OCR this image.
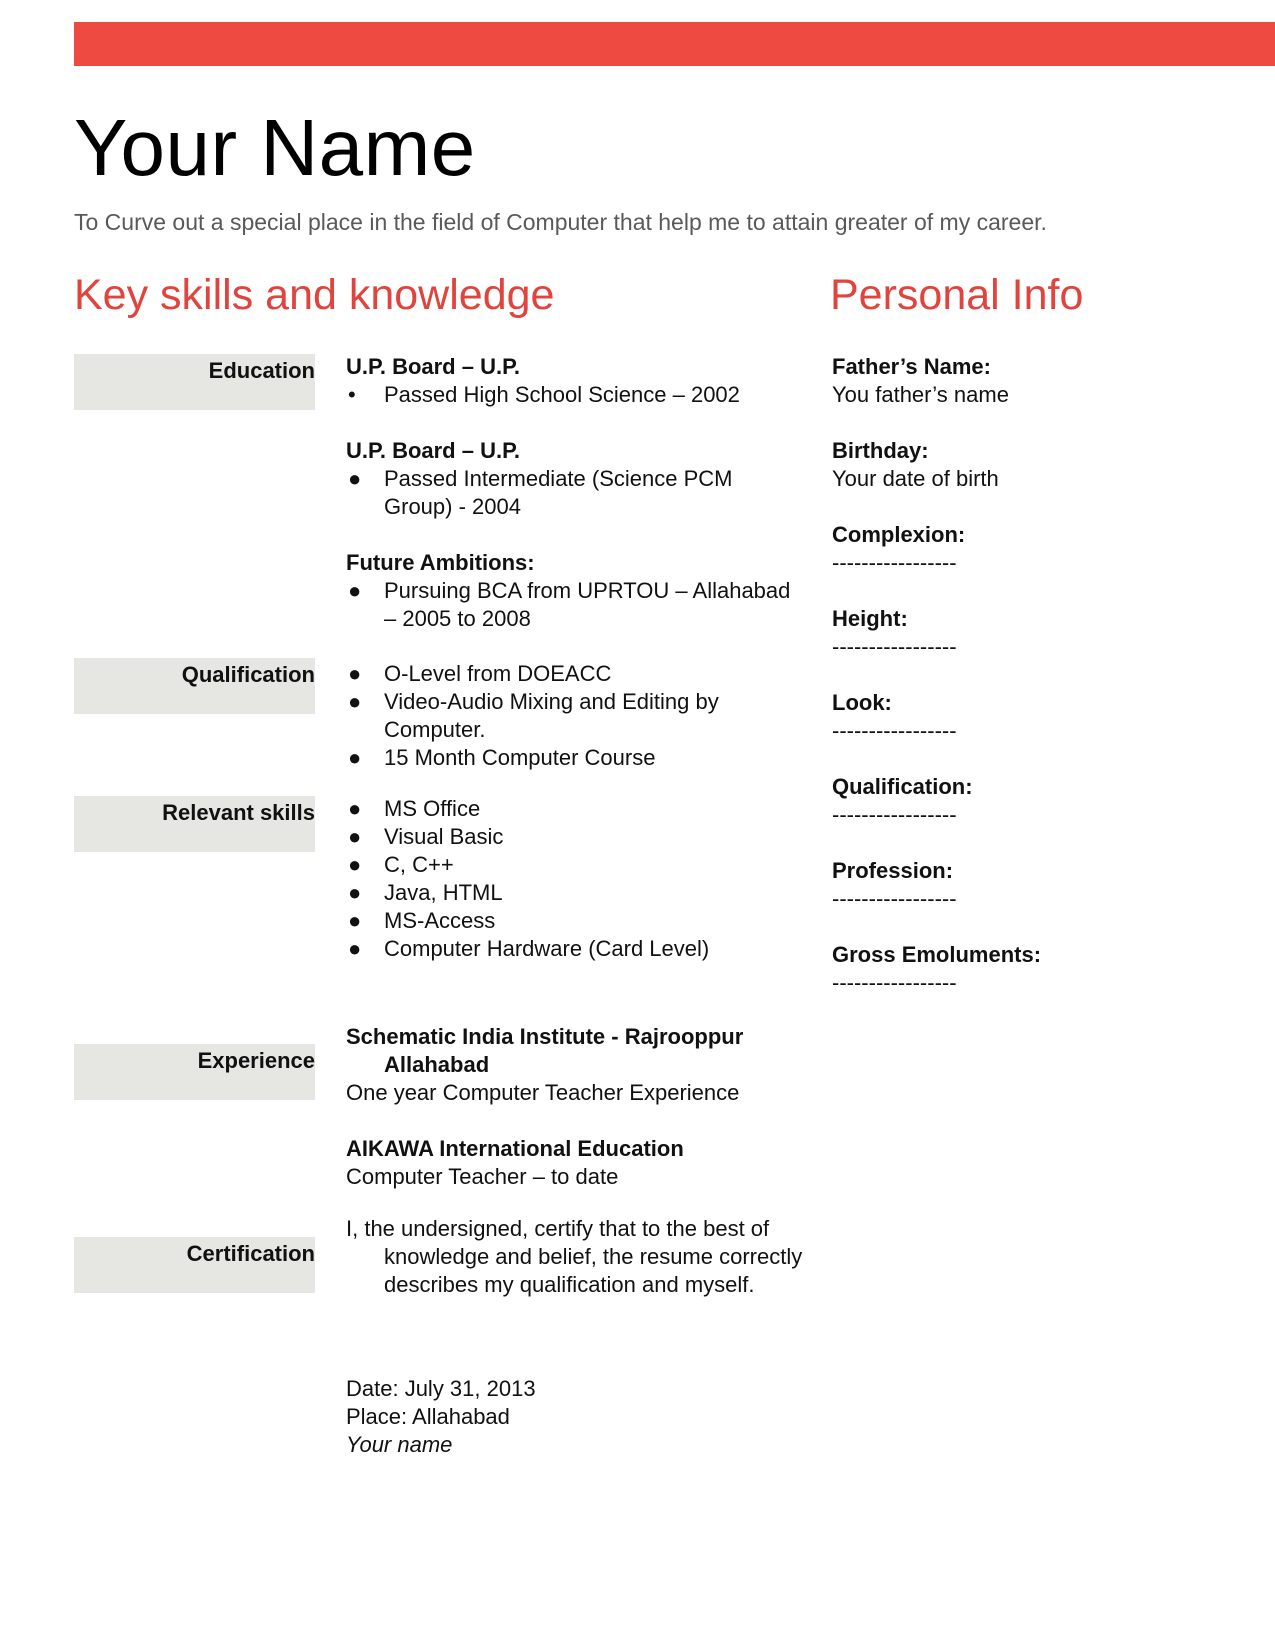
Your Name

To Curve out a special place in the field of Computer that help me to attain greater of my career.

Key skills and knowledge	Personal Info
Education
Qualification
Relevant skills
Experience
Certification

U.P. Board – U.P.

• Passed High School Science – 2002

U.P. Board – U.P.

● Passed Intermediate (Science PCM Group) - 2004

Future Ambitions:

● Pursuing BCA from UPRTOU – Allahabad – 2005 to 2008
● O-Level from DOEACC
● Video-Audio Mixing and Editing by Computer.
● 15 Month Computer Course
● MS Office
● Visual Basic
● C, C++
● Java, HTML
● MS-Access
● Computer Hardware (Card Level)

Schematic India Institute - Rajrooppur Allahabad

One year Computer Teacher Experience

AIKAWA International Education

Computer Teacher – to date

I, the undersigned, certify that to the best of knowledge and belief, the resume correctly describes my qualification and myself.

Date: July 31, 2013

Place: Allahabad

Your name

Father’s Name:

You father’s name

Birthday:

Your date of birth

Complexion:

-----------------

Height:

-----------------

Look:

-----------------

Qualification:

-----------------

Profession:

-----------------

Gross Emoluments:

-----------------
